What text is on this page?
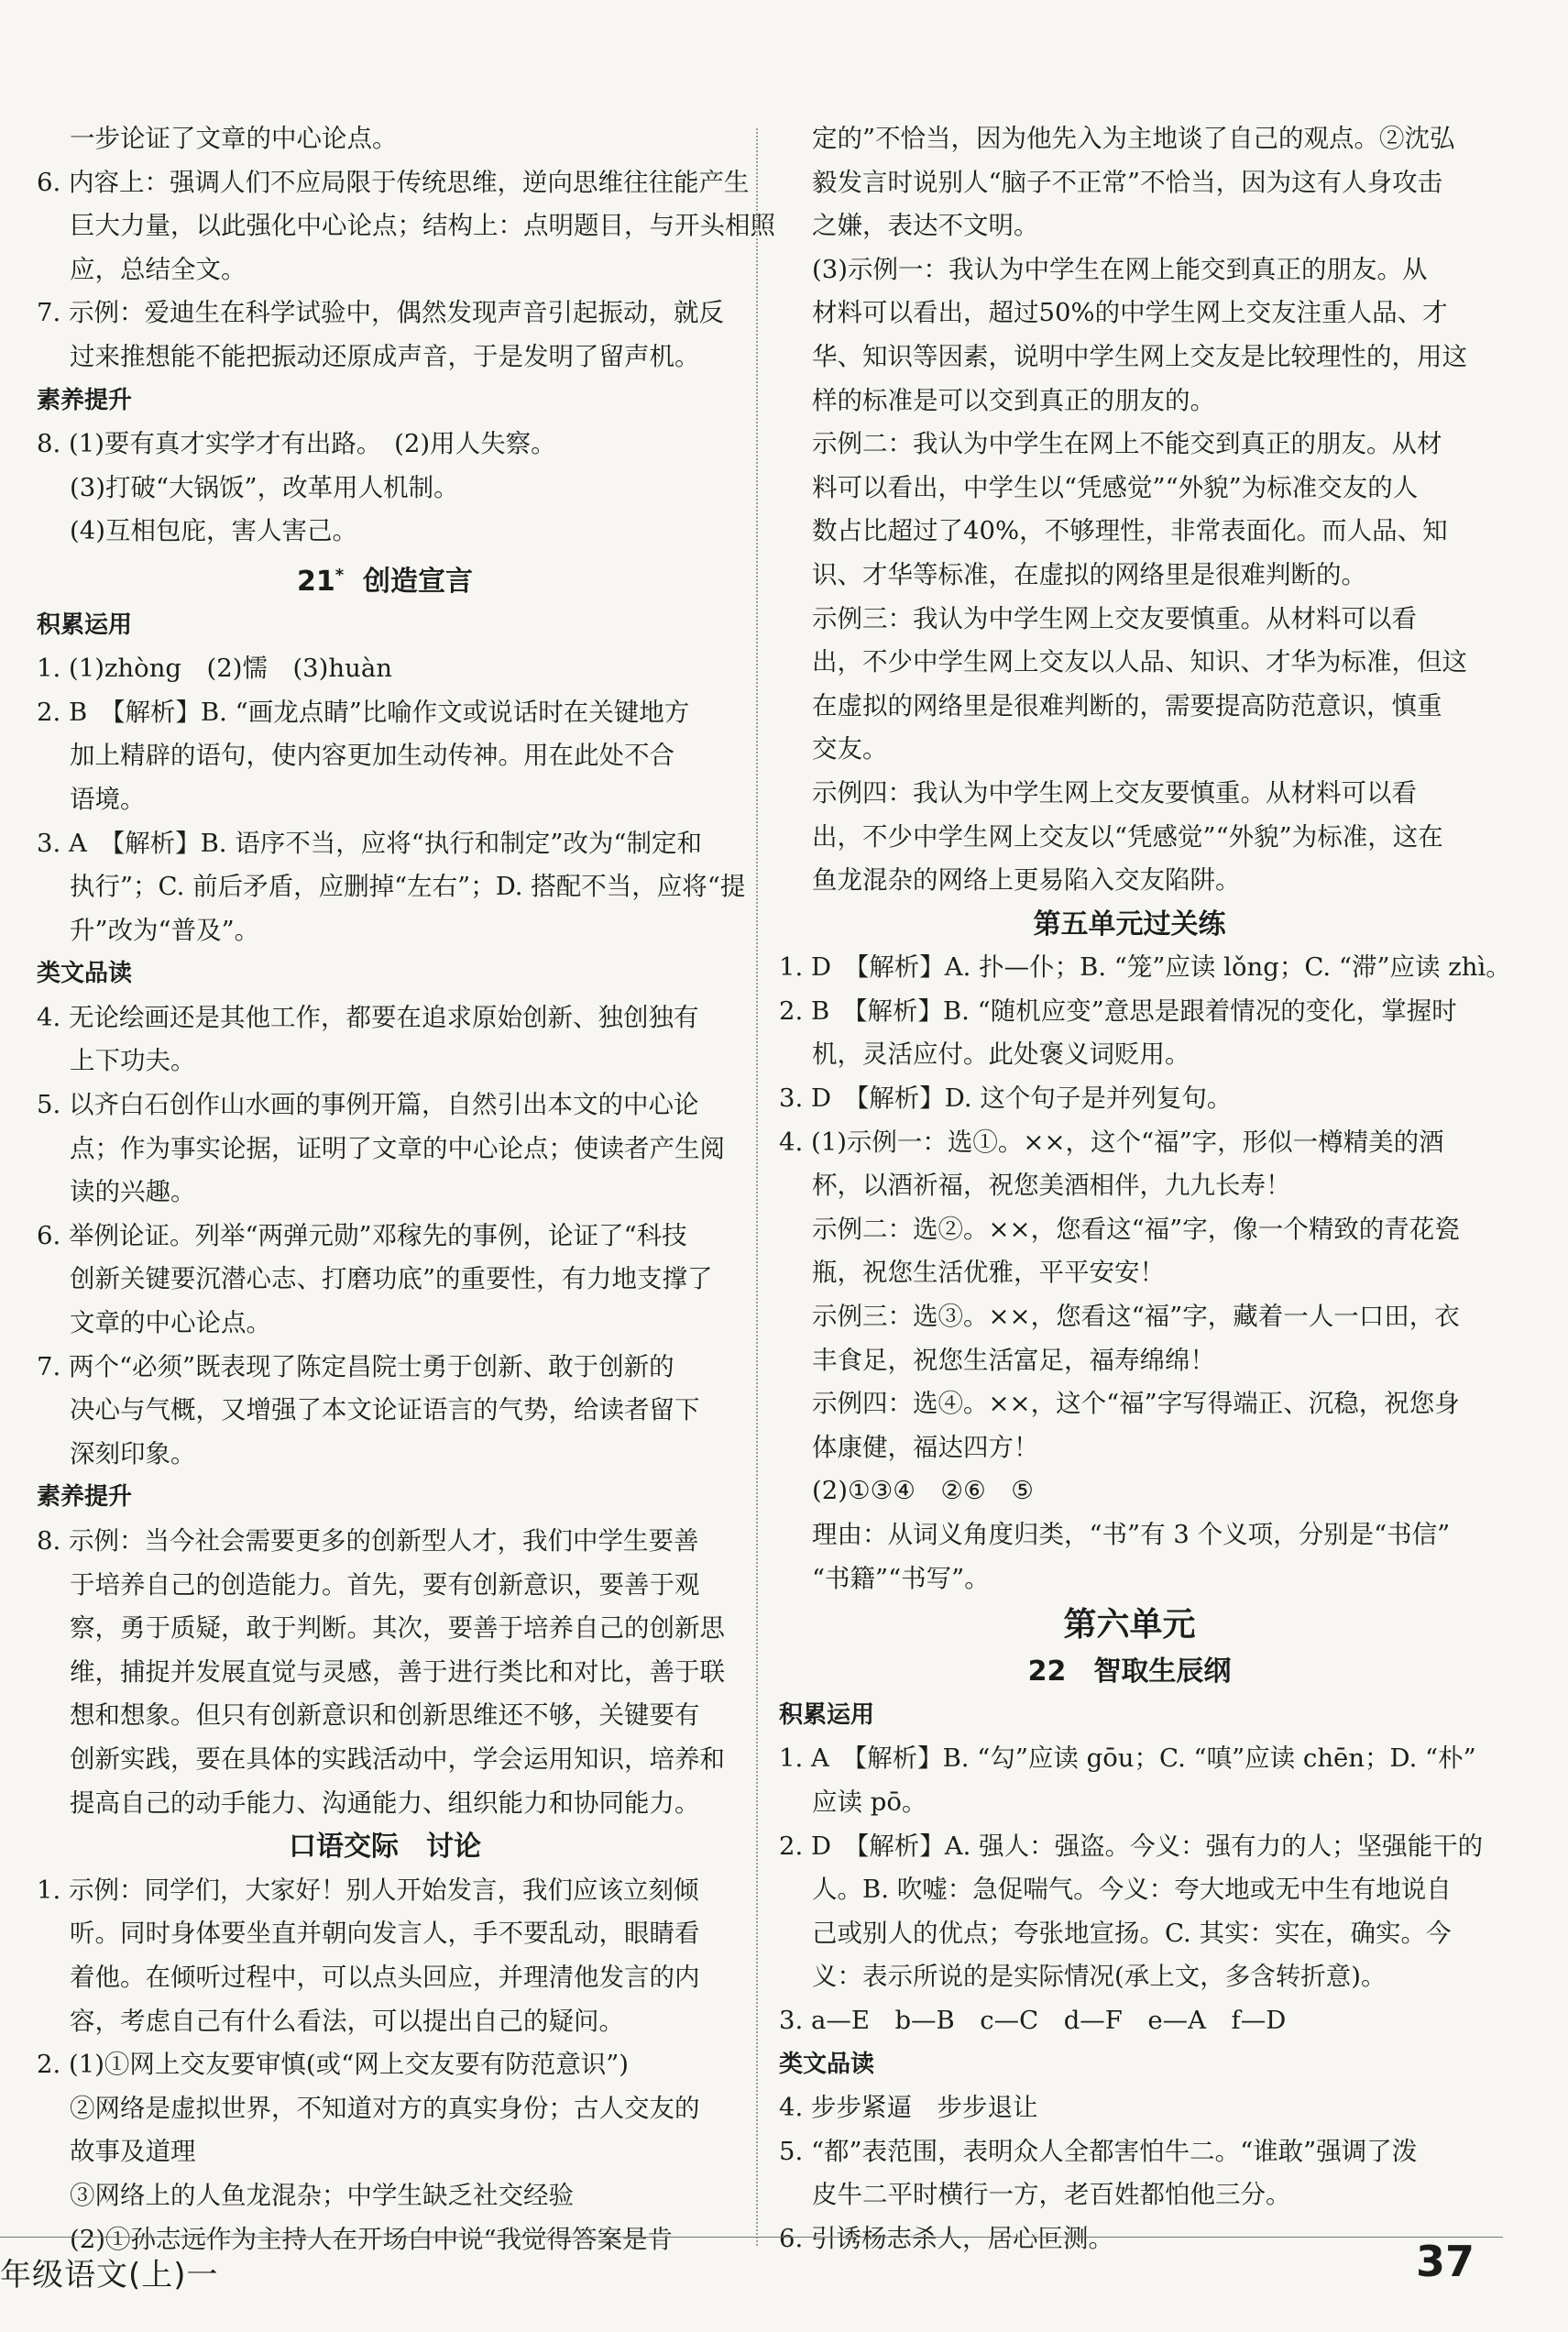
一步论证了文章的中心论点。
6. 内容上：强调人们不应局限于传统思维，逆向思维往往能产生
巨大力量，以此强化中心论点；结构上：点明题目，与开头相照
应，总结全文。
7. 示例：爱迪生在科学试验中，偶然发现声音引起振动，就反
过来推想能不能把振动还原成声音，于是发明了留声机。
素养提升
8. (1)要有真才实学才有出路。　(2)用人失察。
(3)打破“大锅饭”，改革用人机制。
(4)互相包庇，害人害己。
21*  创造宣言
积累运用
1. (1)zhòng　(2)懦　(3)huàn
2. B　【解析】B. “画龙点睛”比喻作文或说话时在关键地方
加上精辟的语句，使内容更加生动传神。用在此处不合
语境。
3. A　【解析】B. 语序不当，应将“执行和制定”改为“制定和
执行”；C. 前后矛盾，应删掉“左右”；D. 搭配不当，应将“提
升”改为“普及”。
类文品读
4. 无论绘画还是其他工作，都要在追求原始创新、独创独有
上下功夫。
5. 以齐白石创作山水画的事例开篇，自然引出本文的中心论
点；作为事实论据，证明了文章的中心论点；使读者产生阅
读的兴趣。
6. 举例论证。列举“两弹元勋”邓稼先的事例，论证了“科技
创新关键要沉潜心志、打磨功底”的重要性，有力地支撑了
文章的中心论点。
7. 两个“必须”既表现了陈定昌院士勇于创新、敢于创新的
决心与气概，又增强了本文论证语言的气势，给读者留下
深刻印象。
素养提升
8. 示例：当今社会需要更多的创新型人才，我们中学生要善
于培养自己的创造能力。首先，要有创新意识，要善于观
察，勇于质疑，敢于判断。其次，要善于培养自己的创新思
维，捕捉并发展直觉与灵感，善于进行类比和对比，善于联
想和想象。但只有创新意识和创新思维还不够，关键要有
创新实践，要在具体的实践活动中，学会运用知识，培养和
提高自己的动手能力、沟通能力、组织能力和协同能力。
口语交际　讨论
1. 示例：同学们，大家好！别人开始发言，我们应该立刻倾
听。同时身体要坐直并朝向发言人，手不要乱动，眼睛看
着他。在倾听过程中，可以点头回应，并理清他发言的内
容，考虑自己有什么看法，可以提出自己的疑问。
2. (1)①网上交友要审慎(或“网上交友要有防范意识”)
②网络是虚拟世界，不知道对方的真实身份；古人交友的
故事及道理
③网络上的人鱼龙混杂；中学生缺乏社交经验
(2)①孙志远作为主持人在开场白中说“我觉得答案是肯
定的”不恰当，因为他先入为主地谈了自己的观点。②沈弘
毅发言时说别人“脑子不正常”不恰当，因为这有人身攻击
之嫌，表达不文明。
(3)示例一：我认为中学生在网上能交到真正的朋友。从
材料可以看出，超过50%的中学生网上交友注重人品、才
华、知识等因素，说明中学生网上交友是比较理性的，用这
样的标准是可以交到真正的朋友的。
示例二：我认为中学生在网上不能交到真正的朋友。从材
料可以看出，中学生以“凭感觉”“外貌”为标准交友的人
数占比超过了40%，不够理性，非常表面化。而人品、知
识、才华等标准，在虚拟的网络里是很难判断的。
示例三：我认为中学生网上交友要慎重。从材料可以看
出，不少中学生网上交友以人品、知识、才华为标准，但这
在虚拟的网络里是很难判断的，需要提高防范意识，慎重
交友。
示例四：我认为中学生网上交友要慎重。从材料可以看
出，不少中学生网上交友以“凭感觉”“外貌”为标准，这在
鱼龙混杂的网络上更易陷入交友陷阱。
第五单元过关练
1. D　【解析】A. 扑—仆；B. “笼”应读 lǒng；C. “滞”应读 zhì。
2. B　【解析】B. “随机应变”意思是跟着情况的变化，掌握时
机，灵活应付。此处褒义词贬用。
3. D　【解析】D. 这个句子是并列复句。
4. (1)示例一：选①。××，这个“福”字，形似一樽精美的酒
杯，以酒祈福，祝您美酒相伴，九九长寿！
示例二：选②。××，您看这“福”字，像一个精致的青花瓷
瓶，祝您生活优雅，平平安安！
示例三：选③。××，您看这“福”字，藏着一人一口田，衣
丰食足，祝您生活富足，福寿绵绵！
示例四：选④。××，这个“福”字写得端正、沉稳，祝您身
体康健，福达四方！
(2)①③④　②⑥　⑤
理由：从词义角度归类，“书”有 3 个义项，分别是“书信”
“书籍”“书写”。
第六单元
22　智取生辰纲
积累运用
1. A　【解析】B. “勾”应读 gōu；C. “嗔”应读 chēn；D. “朴”
应读 pō。
2. D　【解析】A. 强人：强盗。今义：强有力的人；坚强能干的
人。B. 吹嘘：急促喘气。今义：夸大地或无中生有地说自
己或别人的优点；夸张地宣扬。C. 其实：实在，确实。今
义：表示所说的是实际情况(承上文，多含转折意)。
3. a—E　b—B　c—C　d—F　e—A　f—D
类文品读
4. 步步紧逼　步步退让
5. “都”表范围，表明众人全都害怕牛二。“谁敢”强调了泼
皮牛二平时横行一方，老百姓都怕他三分。
6. 引诱杨志杀人，居心叵测。
年级语文(上)一	37
